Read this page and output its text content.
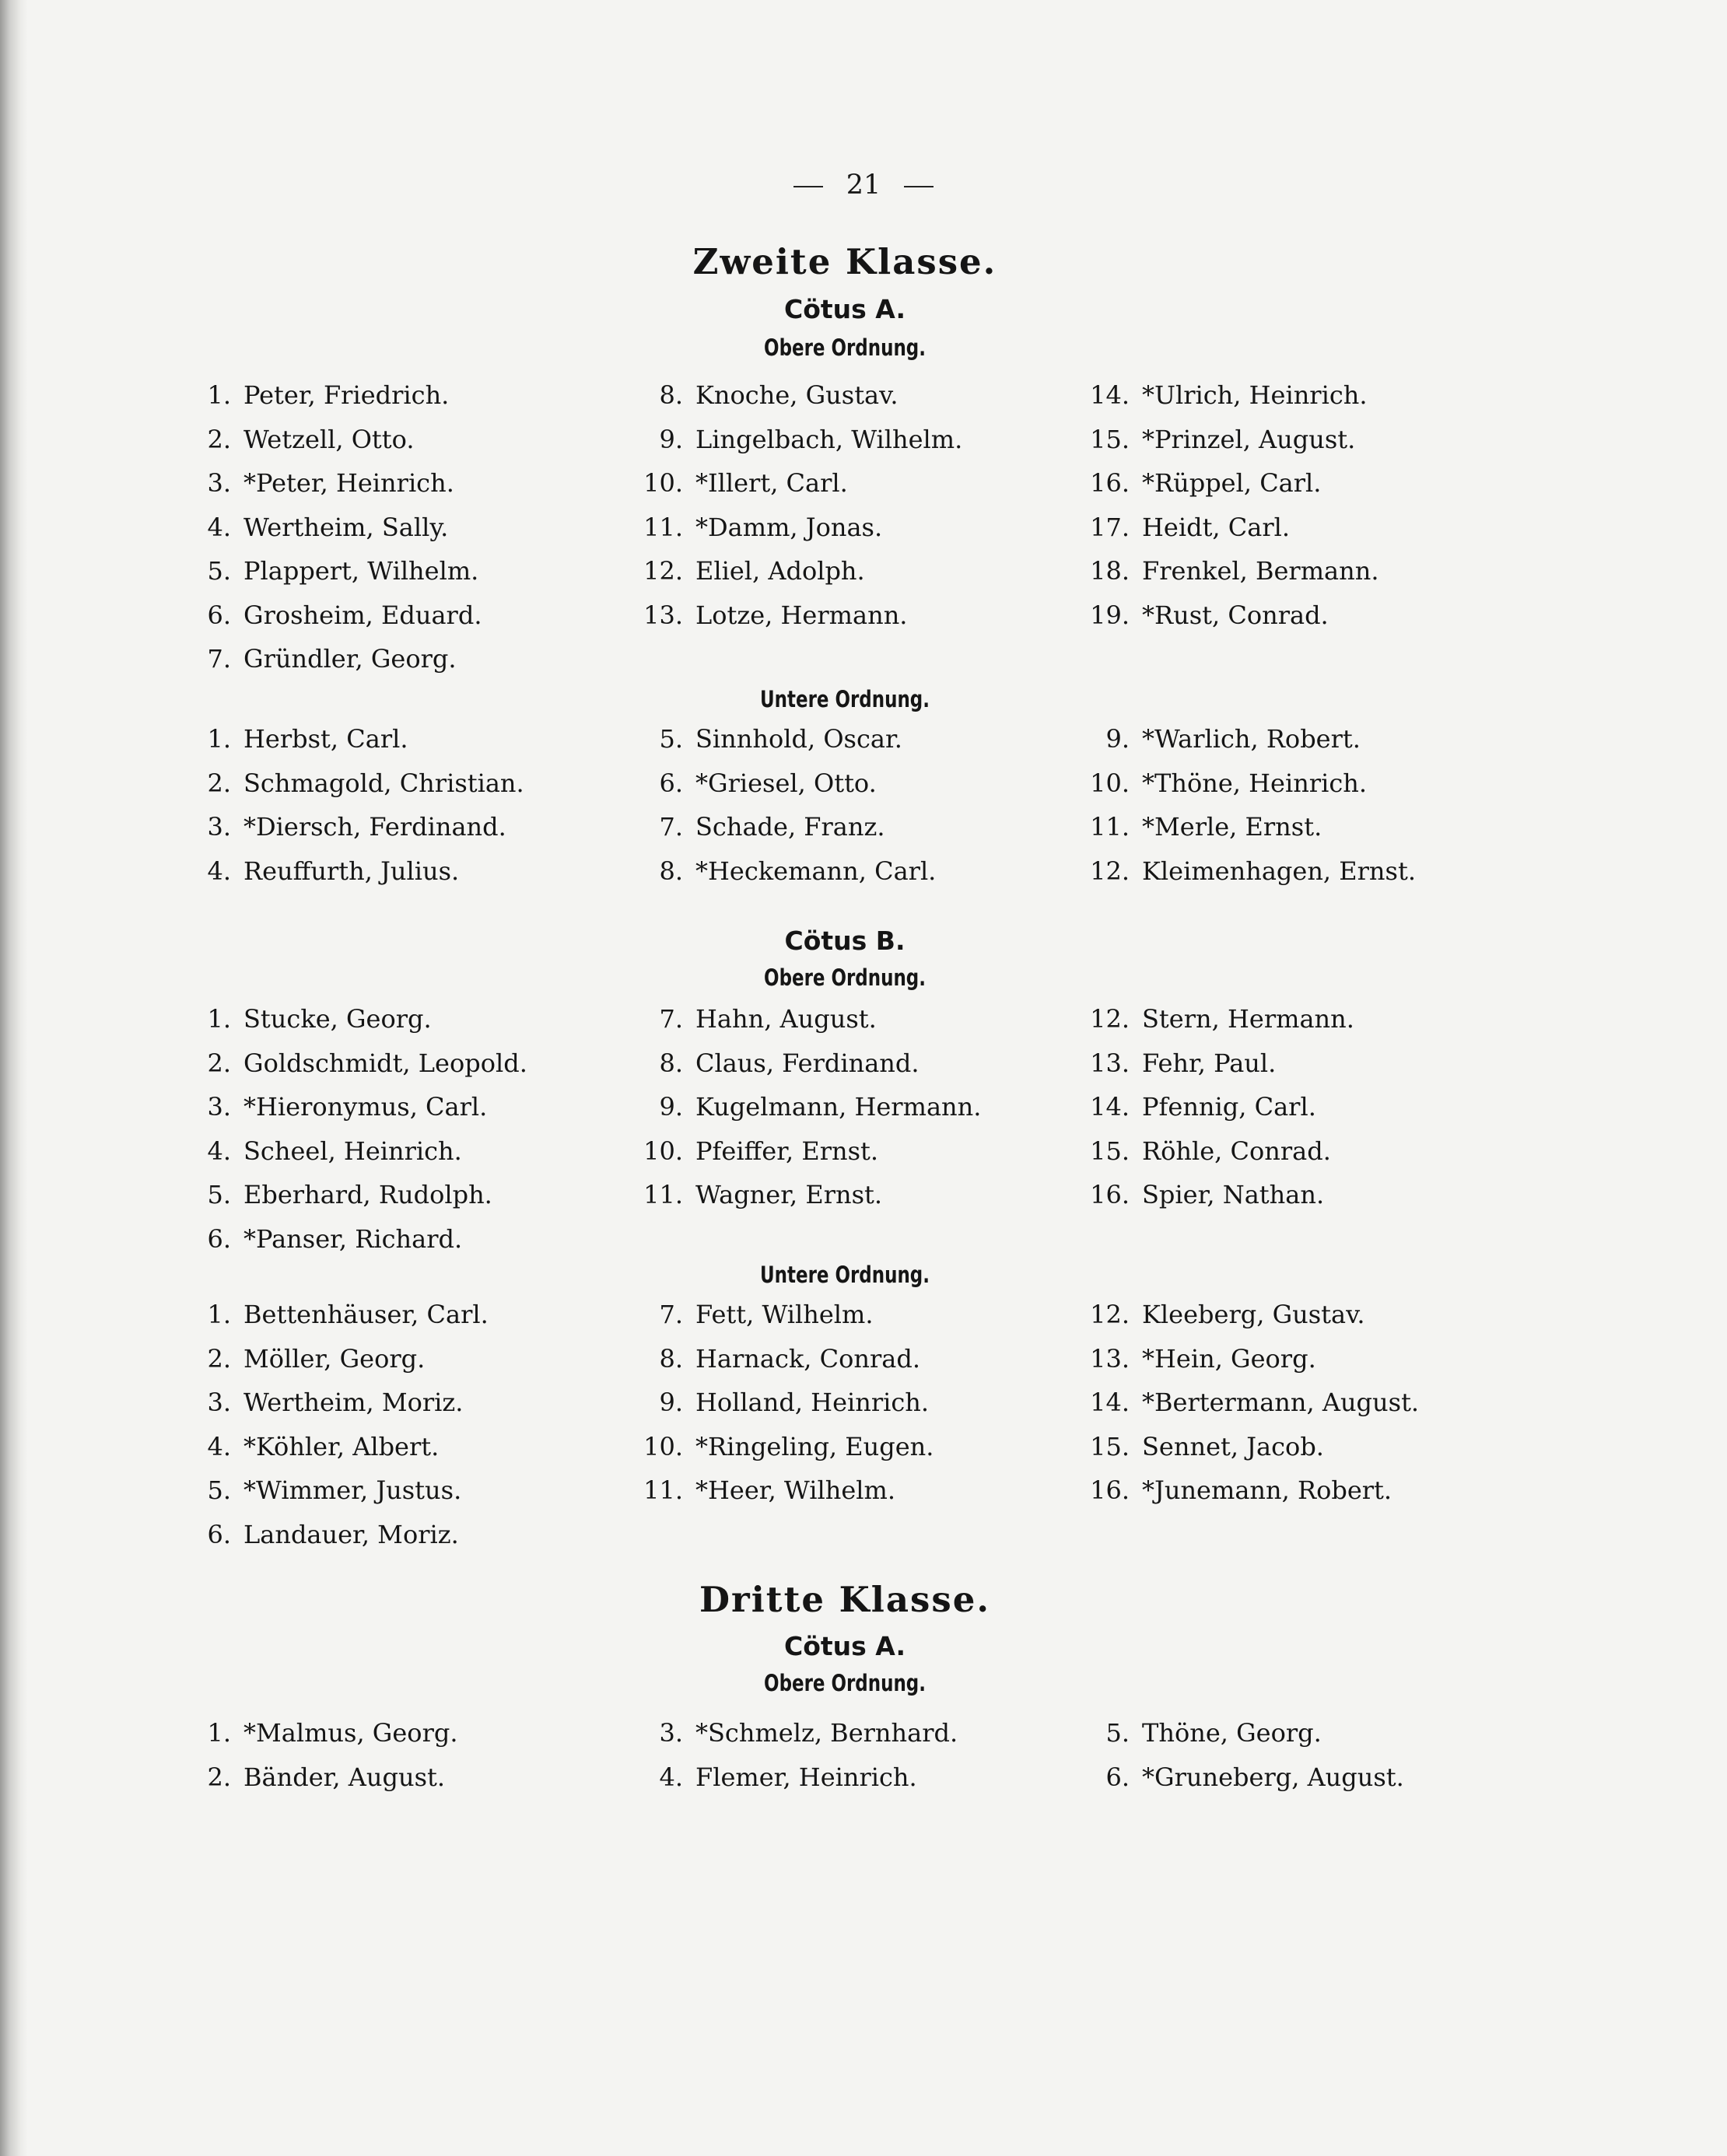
21
Zweite Klasse.
Cötus A.
Obere Ordnung.
1. Peter, Friedrich.
2. Wetzell, Otto.
3. *Peter, Heinrich.
4. Wertheim, Sally.
5. Plappert, Wilhelm.
6. Grosheim, Eduard.
7. Gründler, Georg.
8. Knoche, Gustav.
9. Lingelbach, Wilhelm.
10. *Illert, Carl.
11. *Damm, Jonas.
12. Eliel, Adolph.
13. Lotze, Hermann.
14. *Ulrich, Heinrich.
15. *Prinzel, August.
16. *Rüppel, Carl.
17. Heidt, Carl.
18. Frenkel, Bermann.
19. *Rust, Conrad.
Untere Ordnung.
1. Herbst, Carl.
2. Schmagold, Christian.
3. *Diersch, Ferdinand.
4. Reuffurth, Julius.
5. Sinnhold, Oscar.
6. *Griesel, Otto.
7. Schade, Franz.
8. *Heckemann, Carl.
9. *Warlich, Robert.
10. *Thöne, Heinrich.
11. *Merle, Ernst.
12. Kleimenhagen, Ernst.
Cötus B.
Obere Ordnung.
1. Stucke, Georg.
2. Goldschmidt, Leopold.
3. *Hieronymus, Carl.
4. Scheel, Heinrich.
5. Eberhard, Rudolph.
6. *Panser, Richard.
7. Hahn, August.
8. Claus, Ferdinand.
9. Kugelmann, Hermann.
10. Pfeiffer, Ernst.
11. Wagner, Ernst.
12. Stern, Hermann.
13. Fehr, Paul.
14. Pfennig, Carl.
15. Röhle, Conrad.
16. Spier, Nathan.
Untere Ordnung.
1. Bettenhäuser, Carl.
2. Möller, Georg.
3. Wertheim, Moriz.
4. *Köhler, Albert.
5. *Wimmer, Justus.
6. Landauer, Moriz.
7. Fett, Wilhelm.
8. Harnack, Conrad.
9. Holland, Heinrich.
10. *Ringeling, Eugen.
11. *Heer, Wilhelm.
12. Kleeberg, Gustav.
13. *Hein, Georg.
14. *Bertermann, August.
15. Sennet, Jacob.
16. *Junemann, Robert.
Dritte Klasse.
Cötus A.
Obere Ordnung.
1. *Malmus, Georg.
2. Bänder, August.
3. *Schmelz, Bernhard.
4. Flemer, Heinrich.
5. Thöne, Georg.
6. *Gruneberg, August.
